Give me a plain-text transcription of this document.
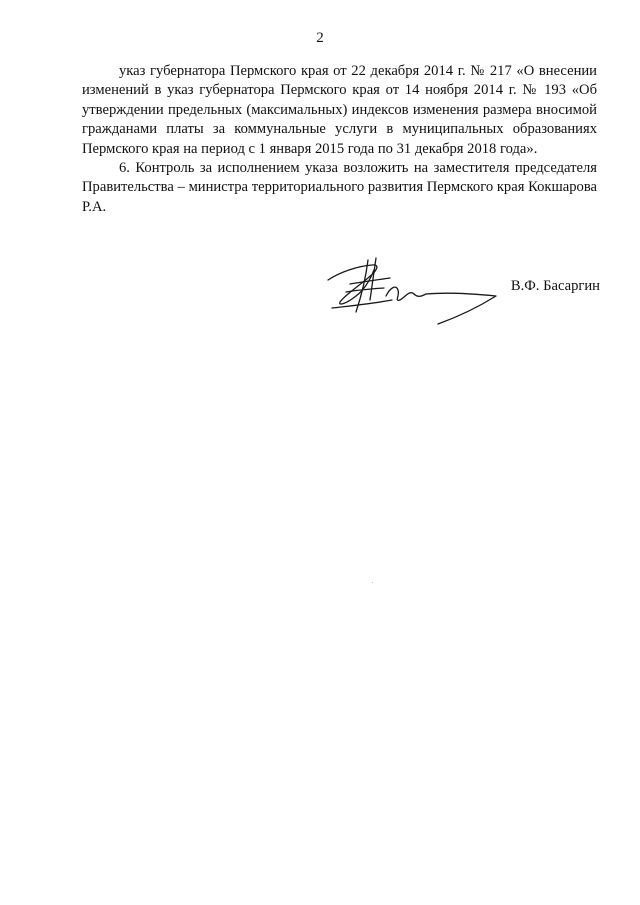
2

указ губернатора Пермского края от 22 декабря 2014 г. № 217 «О внесении изменений в указ губернатора Пермского края от 14 ноября 2014 г. № 193 «Об утверждении предельных (максимальных) индексов изменения размера вносимой гражданами платы за коммунальные услуги в муниципальных образованиях Пермского края на период с 1 января 2015 года по 31 декабря 2018 года».

6. Контроль за исполнением указа возложить на заместителя председателя Правительства – министра территориального развития Пермского края Кокшарова Р.А.

В.Ф. Басаргин
